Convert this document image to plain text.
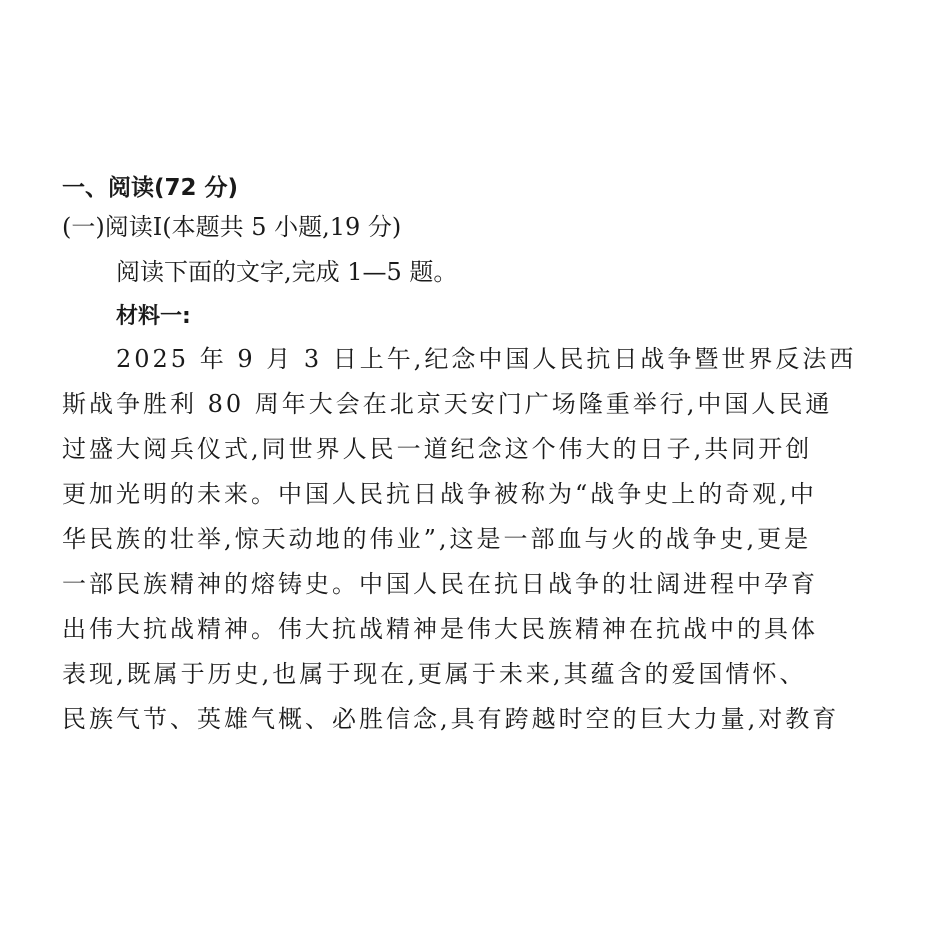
一、阅读(72 分)
(一)阅读Ⅰ(本题共 5 小题,19 分)
阅读下面的文字,完成 1—5 题。
材料一:
2025 年 9 月 3 日上午,纪念中国人民抗日战争暨世界反法西
斯战争胜利 80 周年大会在北京天安门广场隆重举行,中国人民通
过盛大阅兵仪式,同世界人民一道纪念这个伟大的日子,共同开创
更加光明的未来。中国人民抗日战争被称为“战争史上的奇观,中
华民族的壮举,惊天动地的伟业”,这是一部血与火的战争史,更是
一部民族精神的熔铸史。中国人民在抗日战争的壮阔进程中孕育
出伟大抗战精神。伟大抗战精神是伟大民族精神在抗战中的具体
表现,既属于历史,也属于现在,更属于未来,其蕴含的爱国情怀、
民族气节、英雄气概、必胜信念,具有跨越时空的巨大力量,对教育
